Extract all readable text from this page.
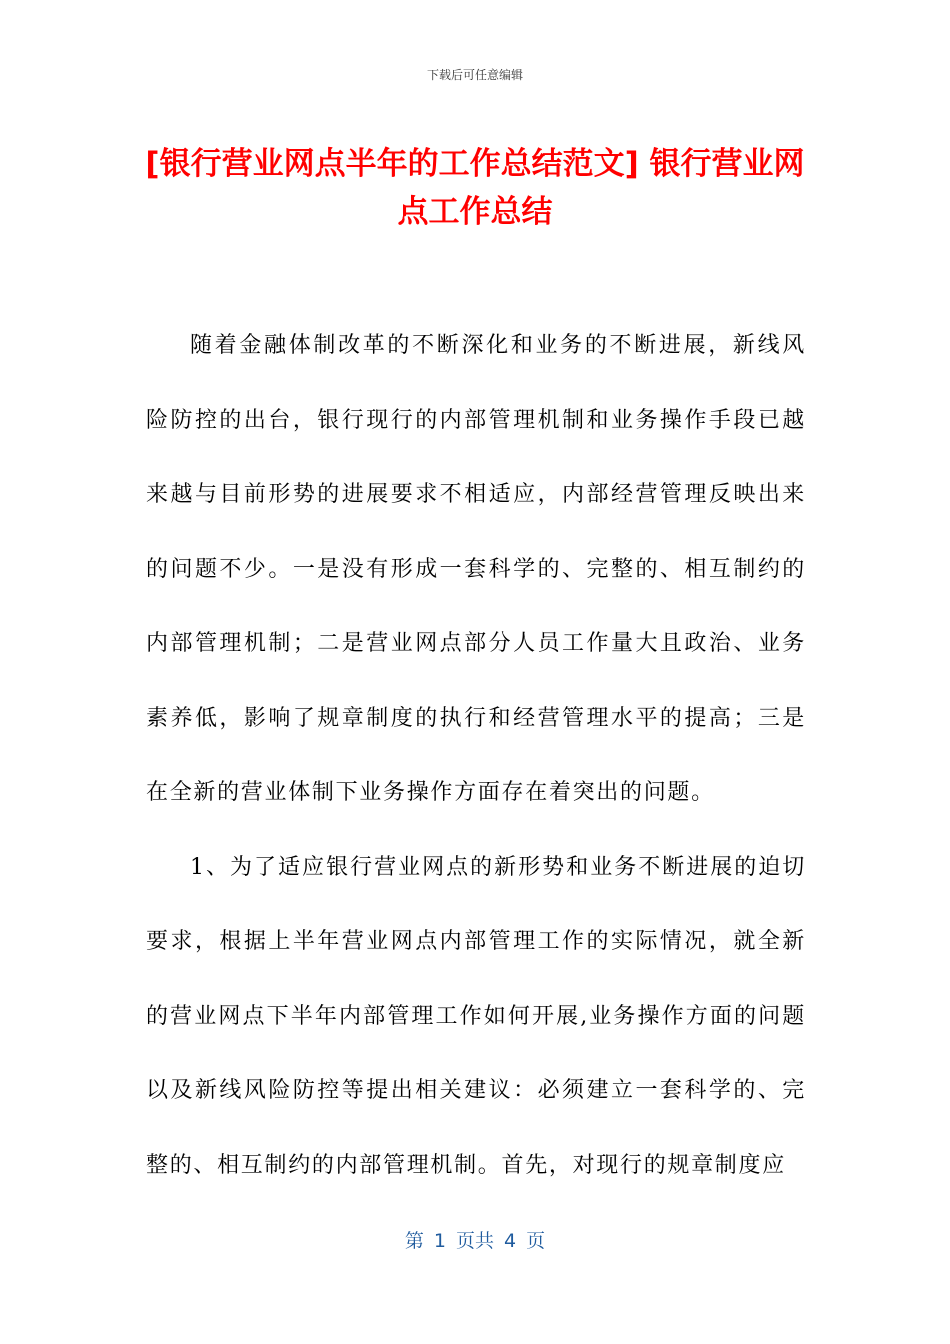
下载后可任意编辑
[银行营业网点半年的工作总结范文] 银行营业网点工作总结

随着金融体制改革的不断深化和业务的不断进展，新线风险防控的出台，银行现行的内部管理机制和业务操作手段已越来越与目前形势的进展要求不相适应，内部经营管理反映出来的问题不少。一是没有形成一套科学的、完整的、相互制约的内部管理机制；二是营业网点部分人员工作量大且政治、业务素养低，影响了规章制度的执行和经营管理水平的提高；三是在全新的营业体制下业务操作方面存在着突出的问题。

1、为了适应银行营业网点的新形势和业务不断进展的迫切要求，根据上半年营业网点内部管理工作的实际情况，就全新的营业网点下半年内部管理工作如何开展,业务操作方面的问题以及新线风险防控等提出相关建议：必须建立一套科学的、完整的、相互制约的内部管理机制。首先，对现行的规章制度应

第 1 页共 4 页
